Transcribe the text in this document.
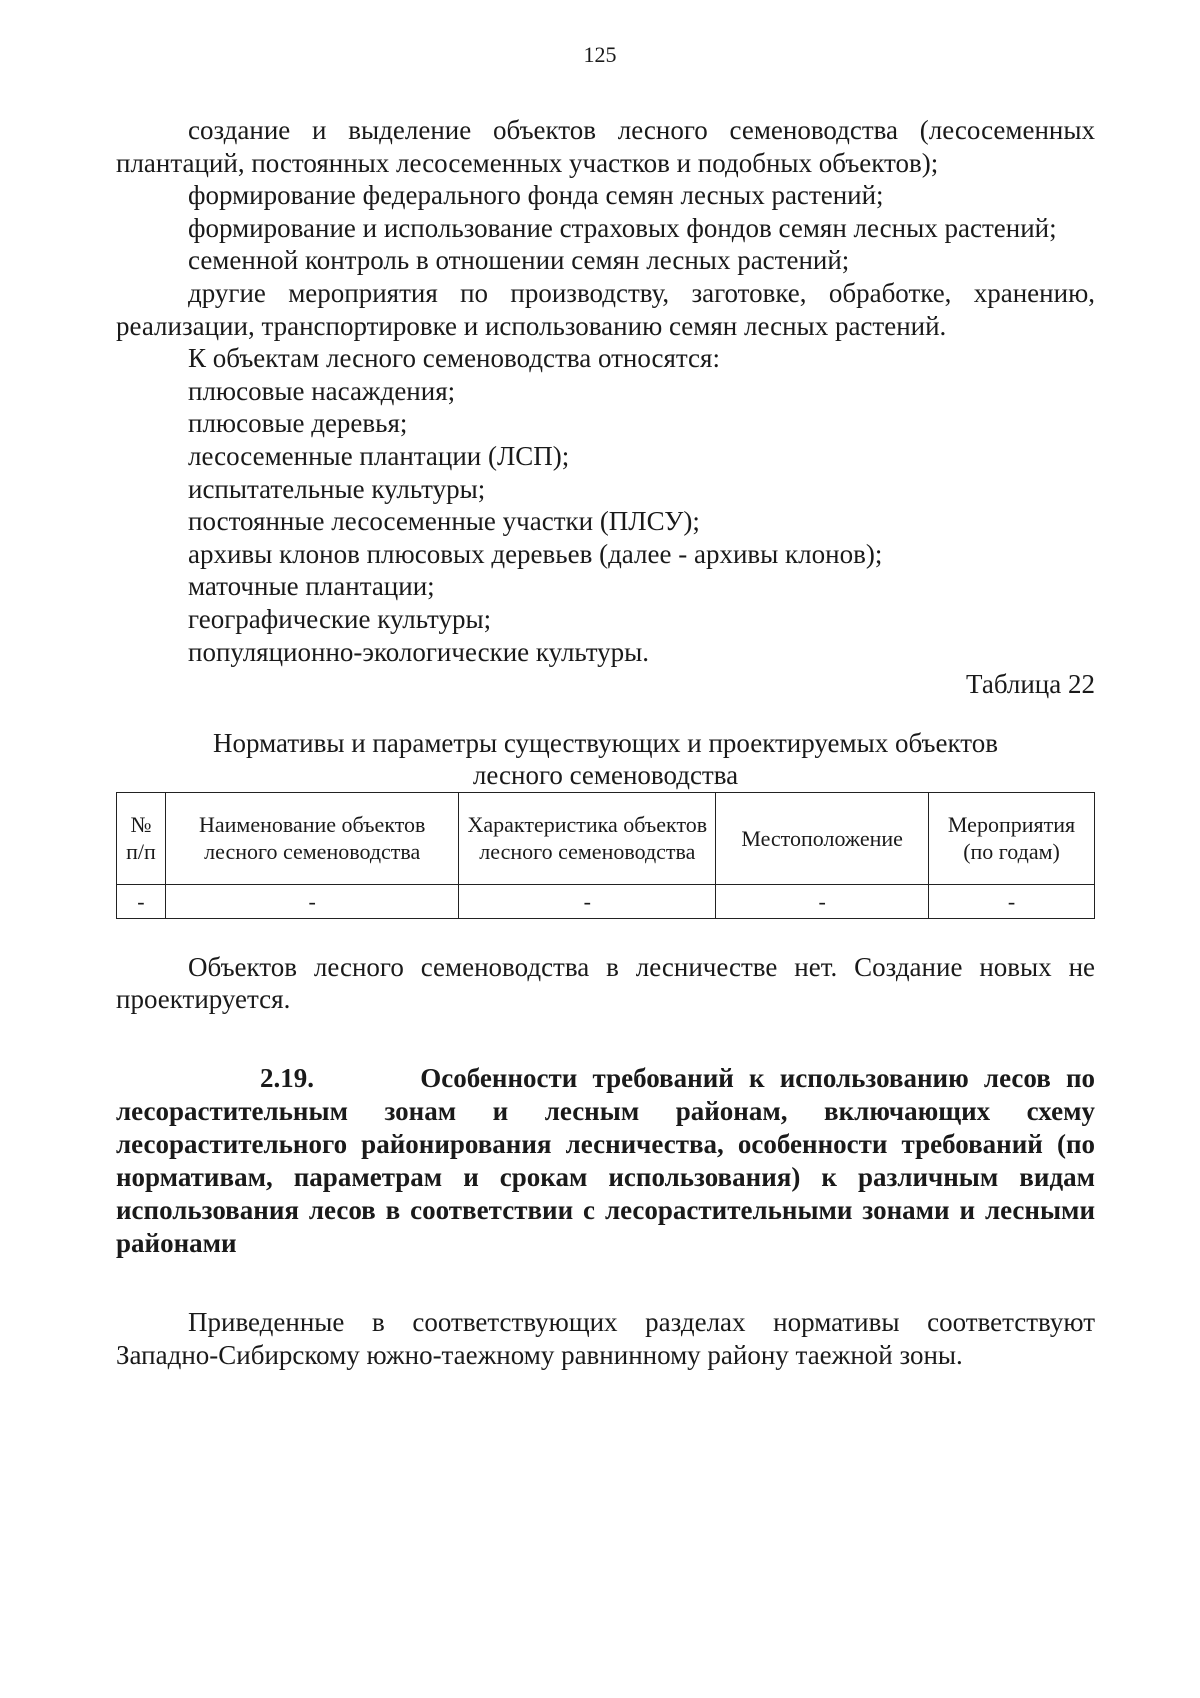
125

создание и выделение объектов лесного семеноводства (лесосеменных плантаций, постоянных лесосеменных участков и подобных объектов);

формирование федерального фонда семян лесных растений;

формирование и использование страховых фондов семян лесных растений;

семенной контроль в отношении семян лесных растений;

другие мероприятия по производству, заготовке, обработке, хранению, реализации, транспортировке и использованию семян лесных растений.

К объектам лесного семеноводства относятся:

плюсовые насаждения;

плюсовые деревья;

лесосеменные плантации (ЛСП);

испытательные культуры;

постоянные лесосеменные участки (ПЛСУ);

архивы клонов плюсовых деревьев (далее - архивы клонов);

маточные плантации;

географические культуры;

популяционно-экологические культуры.

Таблица 22

Нормативы и параметры существующих и проектируемых объектов
лесного семеноводства
№ п/п	Наименование объектов лесного семеноводства	Характеристика объектов лесного семеноводства	Местоположение	Мероприятия (по годам)
-	-	-	-	-

Объектов лесного семеноводства в лесничестве нет. Создание новых не проектируется.

2.19.	Особенности требований к использованию лесов по лесорастительным зонам и лесным районам, включающих схему лесорастительного районирования лесничества, особенности требований (по нормативам, параметрам и срокам использования) к различным видам использования лесов в соответствии с лесорастительными зонами и лесными районами

Приведенные в соответствующих разделах нормативы соответствуют Западно-Сибирскому южно-таежному равнинному району таежной зоны.
